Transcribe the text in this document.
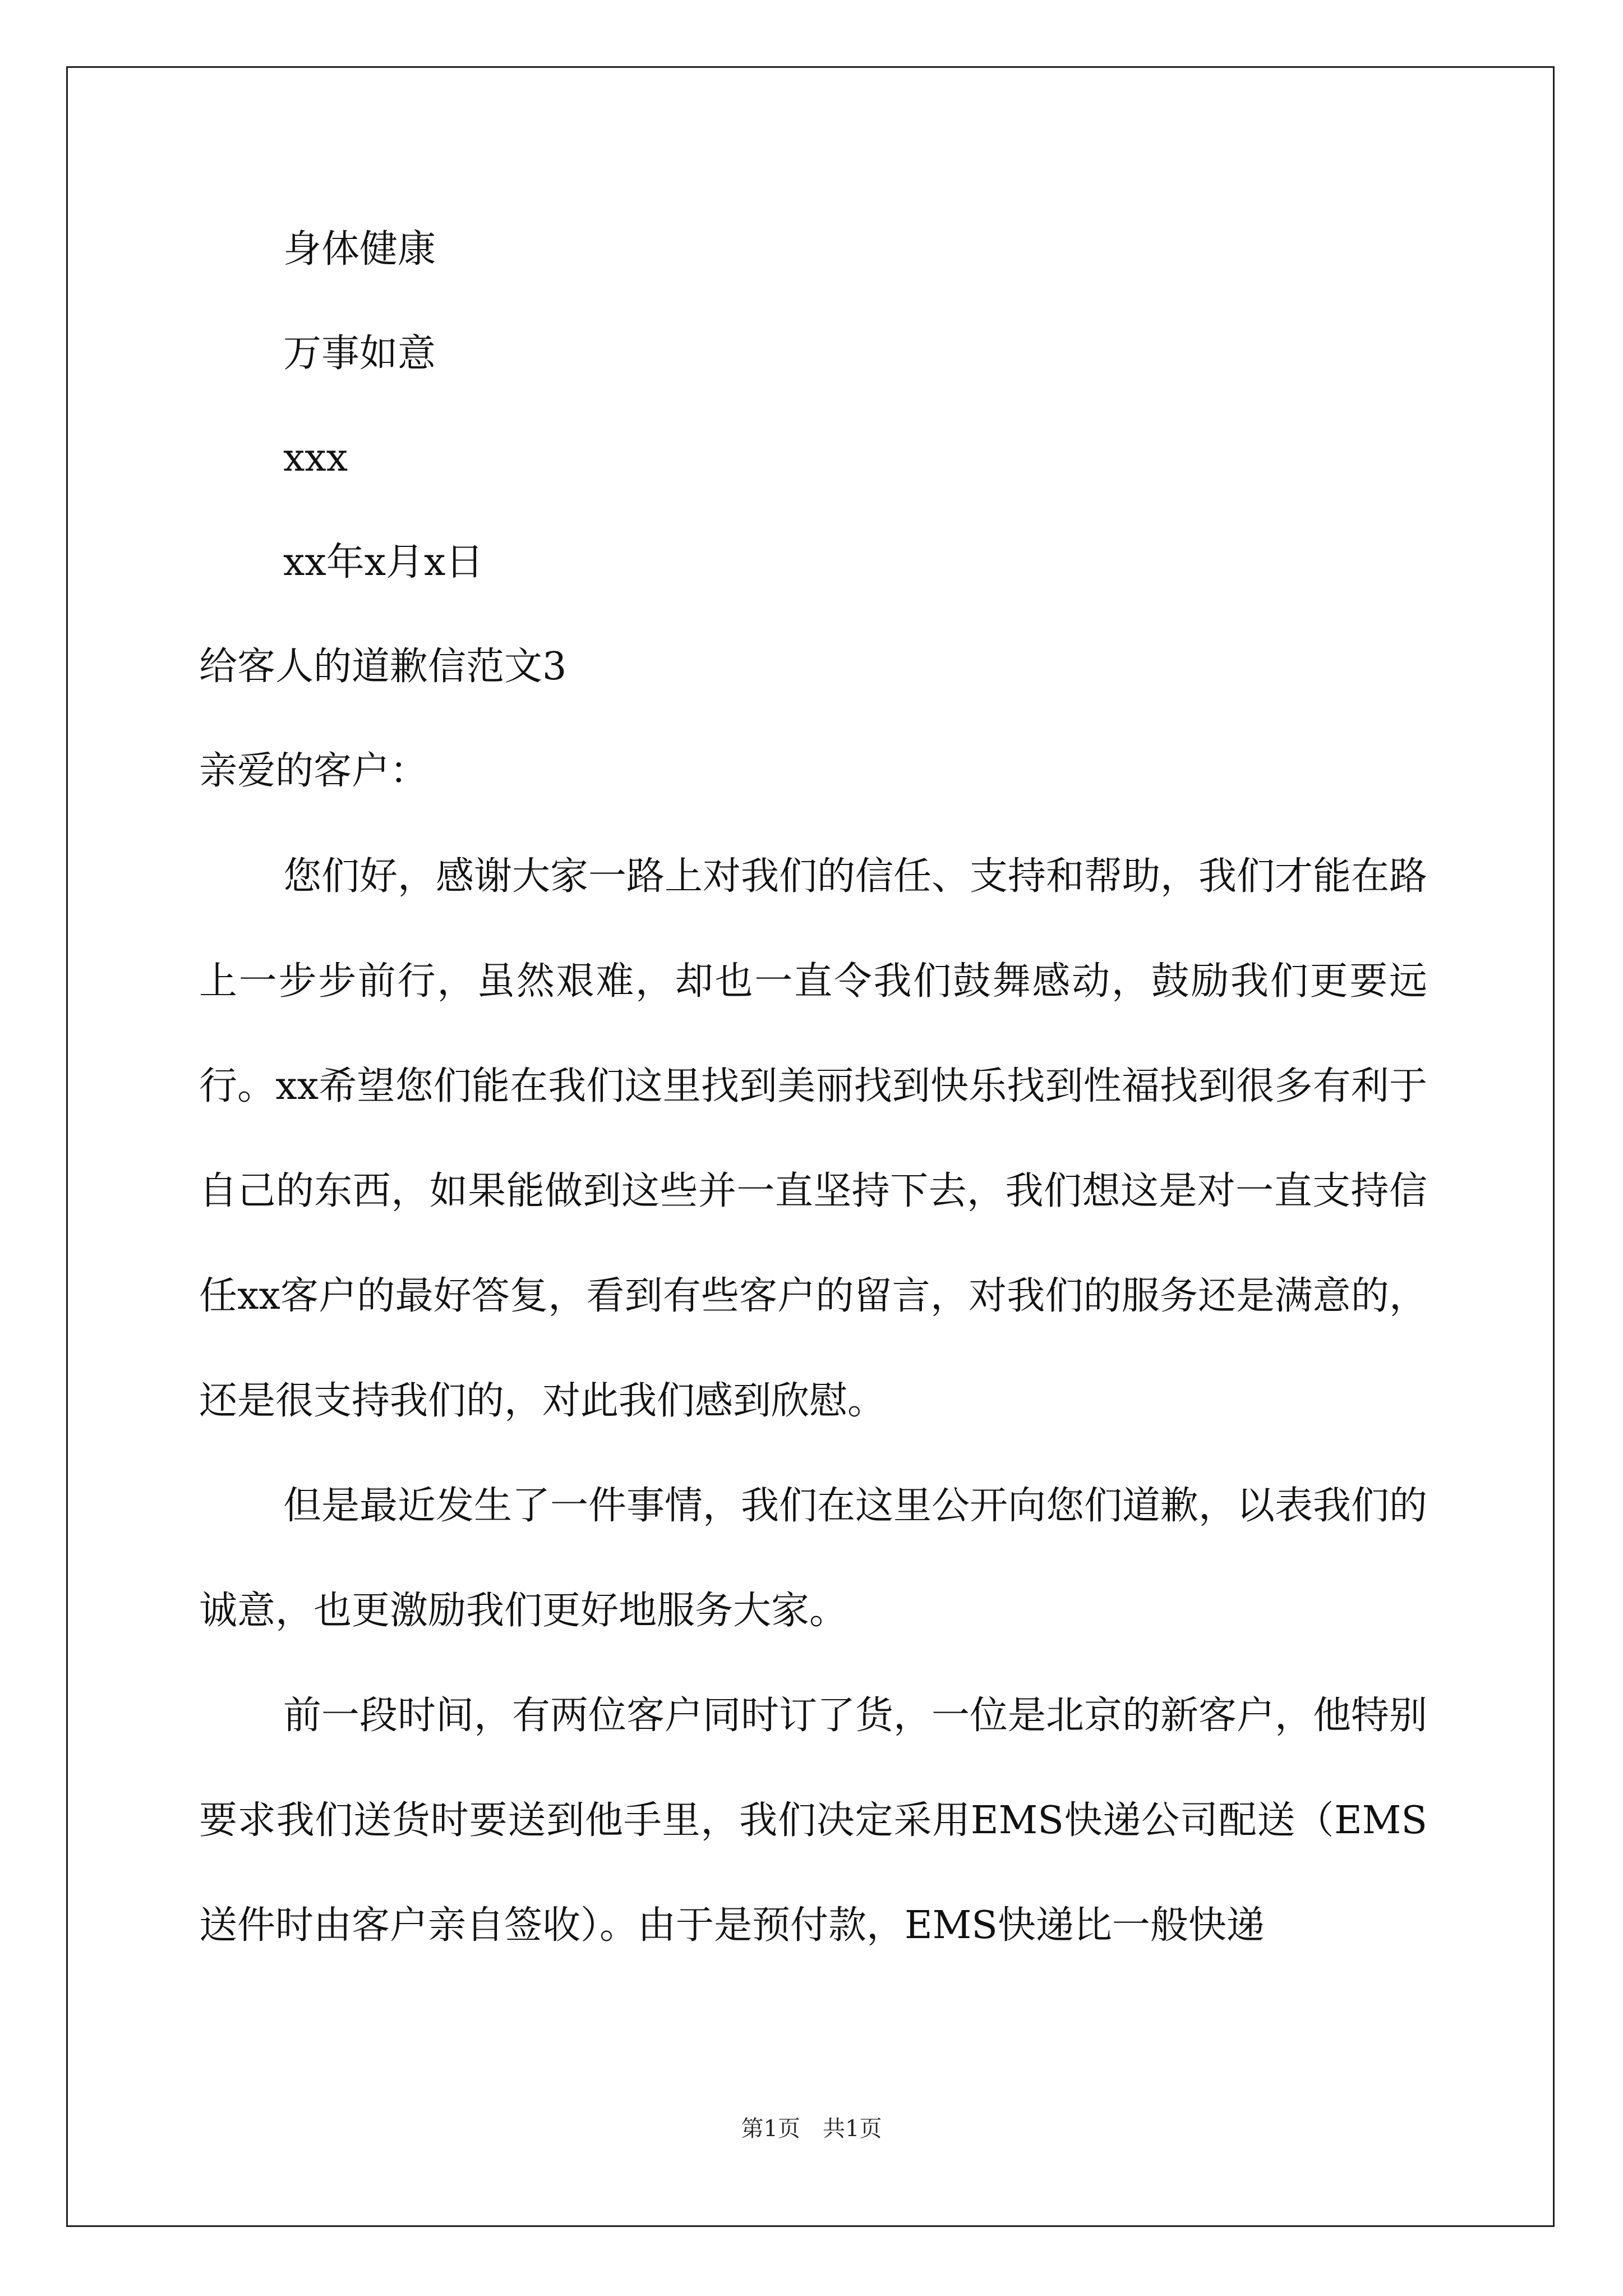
身体健康
万事如意
xxx
xx年x月x日
给客人的道歉信范文3
亲爱的客户：
您们好，感谢大家一路上对我们的信任、支持和帮助，我们才能在路上一步步前行，虽然艰难，却也一直令我们鼓舞感动，鼓励我们更要远行。xx希望您们能在我们这里找到美丽找到快乐找到性福找到很多有利于自己的东西，如果能做到这些并一直坚持下去，我们想这是对一直支持信任xx客户的最好答复，看到有些客户的留言，对我们的服务还是满意的，还是很支持我们的，对此我们感到欣慰。
但是最近发生了一件事情，我们在这里公开向您们道歉，以表我们的诚意，也更激励我们更好地服务大家。
前一段时间，有两位客户同时订了货，一位是北京的新客户，他特别要求我们送货时要送到他手里，我们决定采用EMS快递公司配送（EMS送件时由客户亲自签收）。由于是预付款，EMS快递比一般快递
第1页　共1页
